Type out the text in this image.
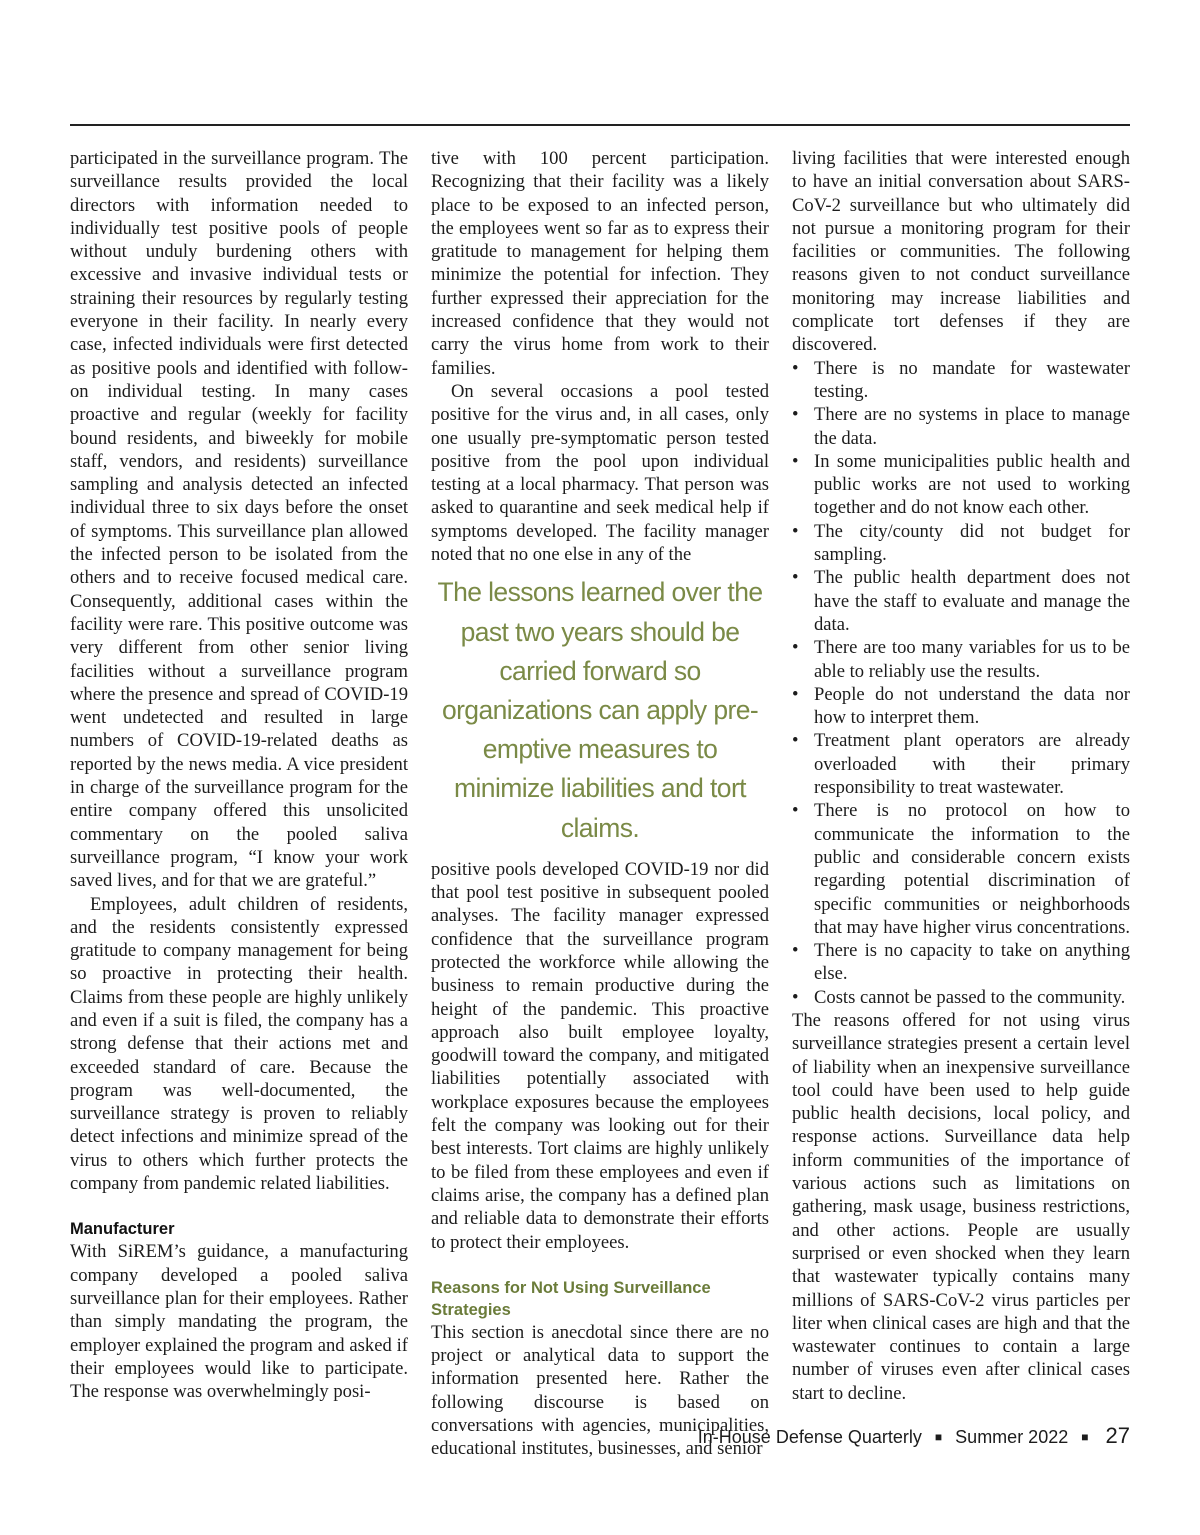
participated in the surveillance program. The surveillance results provided the local directors with information needed to individually test positive pools of people without unduly burdening others with excessive and invasive individual tests or straining their resources by regularly testing everyone in their facility. In nearly every case, infected individuals were first detected as positive pools and identified with follow-on individual testing. In many cases proactive and regular (weekly for facility bound residents, and biweekly for mobile staff, vendors, and residents) surveillance sampling and analysis detected an infected individual three to six days before the onset of symptoms. This surveillance plan allowed the infected person to be isolated from the others and to receive focused medical care. Consequently, additional cases within the facility were rare. This positive outcome was very different from other senior living facilities without a surveillance program where the presence and spread of COVID-19 went undetected and resulted in large numbers of COVID-19-related deaths as reported by the news media. A vice president in charge of the surveillance program for the entire company offered this unsolicited commentary on the pooled saliva surveillance program, “I know your work saved lives, and for that we are grateful.”

Employees, adult children of residents, and the residents consistently expressed gratitude to company management for being so proactive in protecting their health. Claims from these people are highly unlikely and even if a suit is filed, the company has a strong defense that their actions met and exceeded standard of care. Because the program was well-documented, the surveillance strategy is proven to reliably detect infections and minimize spread of the virus to others which further protects the company from pandemic related liabilities.

Manufacturer

With SiREM’s guidance, a manufacturing company developed a pooled saliva surveillance plan for their employees. Rather than simply mandating the program, the employer explained the program and asked if their employees would like to participate. The response was overwhelmingly posi-

tive with 100 percent participation. Recognizing that their facility was a likely place to be exposed to an infected person, the employees went so far as to express their gratitude to management for helping them minimize the potential for infection. They further expressed their appreciation for the increased confidence that they would not carry the virus home from work to their families.

On several occasions a pool tested positive for the virus and, in all cases, only one usually pre-symptomatic person tested positive from the pool upon individual testing at a local pharmacy. That person was asked to quarantine and seek medical help if symptoms developed. The facility manager noted that no one else in any of the

The lessons learned over the past two years should be carried forward so organizations can apply pre-emptive measures to minimize liabilities and tort claims.

positive pools developed COVID-19 nor did that pool test positive in subsequent pooled analyses. The facility manager expressed confidence that the surveillance program protected the workforce while allowing the business to remain productive during the height of the pandemic. This proactive approach also built employee loyalty, goodwill toward the company, and mitigated liabilities potentially associated with workplace exposures because the employees felt the company was looking out for their best interests. Tort claims are highly unlikely to be filed from these employees and even if claims arise, the company has a defined plan and reliable data to demonstrate their efforts to protect their employees.

Reasons for Not Using Surveillance Strategies

This section is anecdotal since there are no project or analytical data to support the information presented here. Rather the following discourse is based on conversations with agencies, municipalities, educational institutes, businesses, and senior

living facilities that were interested enough to have an initial conversation about SARS-CoV-2 surveillance but who ultimately did not pursue a monitoring program for their facilities or communities. The following reasons given to not conduct surveillance monitoring may increase liabilities and complicate tort defenses if they are discovered.

• There is no mandate for wastewater testing.
• There are no systems in place to manage the data.
• In some municipalities public health and public works are not used to working together and do not know each other.
• The city/county did not budget for sampling.
• The public health department does not have the staff to evaluate and manage the data.
• There are too many variables for us to be able to reliably use the results.
• People do not understand the data nor how to interpret them.
• Treatment plant operators are already overloaded with their primary responsibility to treat wastewater.
• There is no protocol on how to communicate the information to the public and considerable concern exists regarding potential discrimination of specific communities or neighborhoods that may have higher virus concentrations.
• There is no capacity to take on anything else.
• Costs cannot be passed to the community.

The reasons offered for not using virus surveillance strategies present a certain level of liability when an inexpensive surveillance tool could have been used to help guide public health decisions, local policy, and response actions. Surveillance data help inform communities of the importance of various actions such as limitations on gathering, mask usage, business restrictions, and other actions. People are usually surprised or even shocked when they learn that wastewater typically contains many millions of SARS-CoV-2 virus particles per liter when clinical cases are high and that the wastewater continues to contain a large number of viruses even after clinical cases start to decline.

In-House Defense Quarterly ■ Summer 2022 ■ 27
